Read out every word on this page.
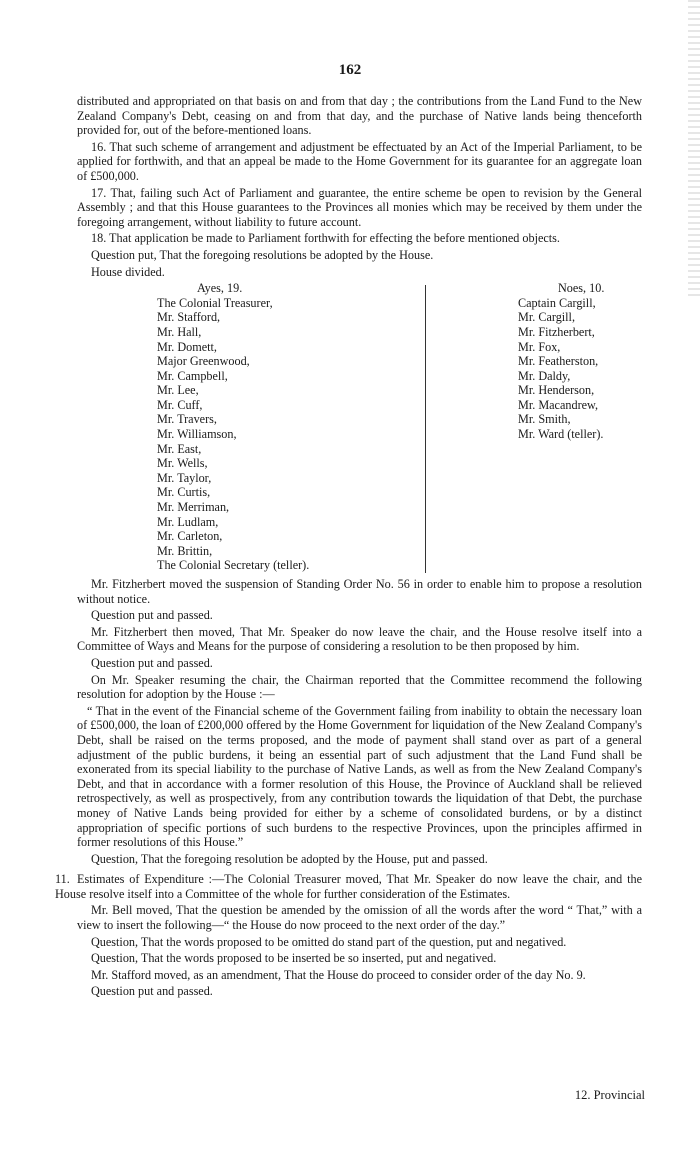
162

distributed and appropriated on that basis on and from that day ; the contributions from the Land Fund to the New Zealand Company's Debt, ceasing on and from that day, and the purchase of Native lands being thenceforth provided for, out of the before-mentioned loans.

16. That such scheme of arrangement and adjustment be effectuated by an Act of the Imperial Parliament, to be applied for forthwith, and that an appeal be made to the Home Government for its guarantee for an aggregate loan of £500,000.

17. That, failing such Act of Parliament and guarantee, the entire scheme be open to revision by the General Assembly ; and that this House guarantees to the Provinces all monies which may be received by them under the foregoing arrangement, without liability to future account.

18. That application be made to Parliament forthwith for effecting the before mentioned objects.

Question put, That the foregoing resolutions be adopted by the House.

House divided.

Ayes, 19.
The Colonial Treasurer,
Mr. Stafford,
Mr. Hall,
Mr. Domett,
Major Greenwood,
Mr. Campbell,
Mr. Lee,
Mr. Cuff,
Mr. Travers,
Mr. Williamson,
Mr. East,
Mr. Wells,
Mr. Taylor,
Mr. Curtis,
Mr. Merriman,
Mr. Ludlam,
Mr. Carleton,
Mr. Brittin,
The Colonial Secretary (teller).
Noes, 10.
Captain Cargill,
Mr. Cargill,
Mr. Fitzherbert,
Mr. Fox,
Mr. Featherston,
Mr. Daldy,
Mr. Henderson,
Mr. Macandrew,
Mr. Smith,
Mr. Ward (teller).

Mr. Fitzherbert moved the suspension of Standing Order No. 56 in order to enable him to propose a resolution without notice.

Question put and passed.

Mr. Fitzherbert then moved, That Mr. Speaker do now leave the chair, and the House resolve itself into a Committee of Ways and Means for the purpose of considering a resolution to be then proposed by him.

Question put and passed.

On Mr. Speaker resuming the chair, the Chairman reported that the Committee recommend the following resolution for adoption by the House :—

“ That in the event of the Financial scheme of the Government failing from inability to obtain the necessary loan of £500,000, the loan of £200,000 offered by the Home Government for liquidation of the New Zealand Company's Debt, shall be raised on the terms proposed, and the mode of payment shall stand over as part of a general adjustment of the public burdens, it being an essential part of such adjustment that the Land Fund shall be exonerated from its special liability to the purchase of Native Lands, as well as from the New Zealand Company's Debt, and that in accordance with a former resolution of this House, the Province of Auckland shall be relieved retrospectively, as well as prospectively, from any contribution towards the liquidation of that Debt, the purchase money of Native Lands being provided for either by a scheme of consolidated burdens, or by a distinct appropriation of specific portions of such burdens to the respective Provinces, upon the principles affirmed in former resolutions of this House.”

Question, That the foregoing resolution be adopted by the House, put and passed.

11. Estimates of Expenditure :—The Colonial Treasurer moved, That Mr. Speaker do now leave the chair, and the House resolve itself into a Committee of the whole for further consideration of the Estimates.

Mr. Bell moved, That the question be amended by the omission of all the words after the word “ That,” with a view to insert the following—“ the House do now proceed to the next order of the day.”

Question, That the words proposed to be omitted do stand part of the question, put and negatived.

Question, That the words proposed to be inserted be so inserted, put and negatived.

Mr. Stafford moved, as an amendment, That the House do proceed to consider order of the day No. 9.

Question put and passed.

12. Provincial
